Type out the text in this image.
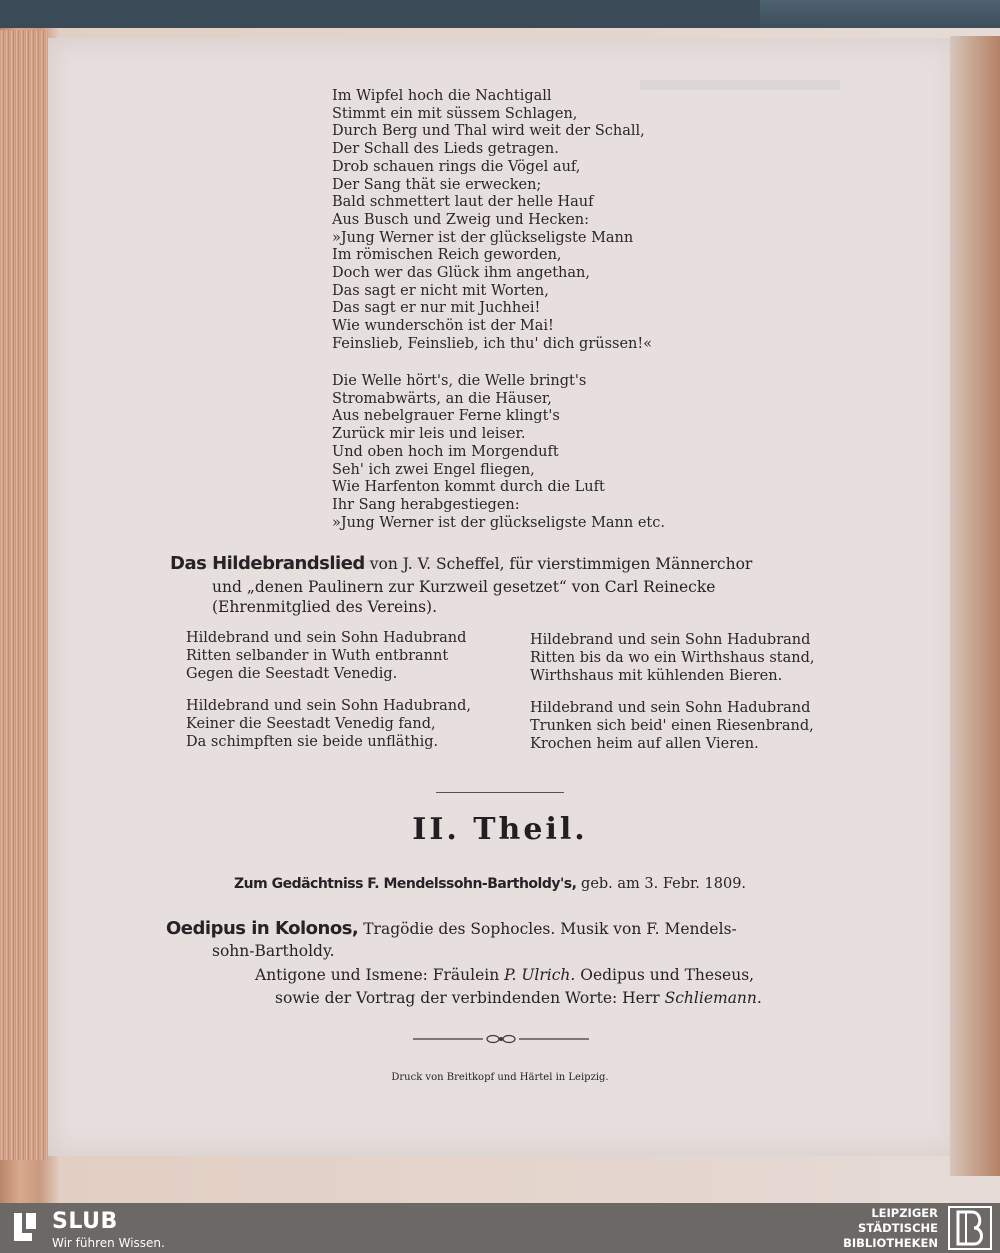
Im Wipfel hoch die Nachtigall
Stimmt ein mit süssem Schlagen,
Durch Berg und Thal wird weit der Schall,
Der Schall des Lieds getragen.
Drob schauen rings die Vögel auf,
Der Sang thät sie erwecken;
Bald schmettert laut der helle Hauf
Aus Busch und Zweig und Hecken:
»Jung Werner ist der glückseligste Mann
Im römischen Reich geworden,
Doch wer das Glück ihm angethan,
Das sagt er nicht mit Worten,
Das sagt er nur mit Juchhei!
Wie wunderschön ist der Mai!
Feinslieb, Feinslieb, ich thu' dich grüssen!«
Die Welle hört's, die Welle bringt's
Stromabwärts, an die Häuser,
Aus nebelgrauer Ferne klingt's
Zurück mir leis und leiser.
Und oben hoch im Morgenduft
Seh' ich zwei Engel fliegen,
Wie Harfenton kommt durch die Luft
Ihr Sang herabgestiegen:
»Jung Werner ist der glückseligste Mann etc.
Das Hildebrandslied von J. V. Scheffel, für vierstimmigen Männerchor
und „denen Paulinern zur Kurzweil gesetzet“ von Carl Reinecke
(Ehrenmitglied des Vereins).
Hildebrand und sein Sohn Hadubrand
Ritten selbander in Wuth entbrannt
Gegen die Seestadt Venedig.
Hildebrand und sein Sohn Hadubrand,
Keiner die Seestadt Venedig fand,
Da schimpften sie beide unfläthig.
Hildebrand und sein Sohn Hadubrand
Ritten bis da wo ein Wirthshaus stand,
Wirthshaus mit kühlenden Bieren.
Hildebrand und sein Sohn Hadubrand
Trunken sich beid' einen Riesenbrand,
Krochen heim auf allen Vieren.
II. Theil.
Zum Gedächtniss F. Mendelssohn-Bartholdy's, geb. am 3. Febr. 1809.
Oedipus in Kolonos, Tragödie des Sophocles. Musik von F. Mendels-
sohn-Bartholdy.
Antigone und Ismene: Fräulein P. Ulrich. Oedipus und Theseus,
sowie der Vortrag der verbindenden Worte: Herr Schliemann.
Druck von Breitkopf und Härtel in Leipzig.
SLUB
Wir führen Wissen.
LEIPZIGER
STÄDTISCHE
BIBLIOTHEKEN
